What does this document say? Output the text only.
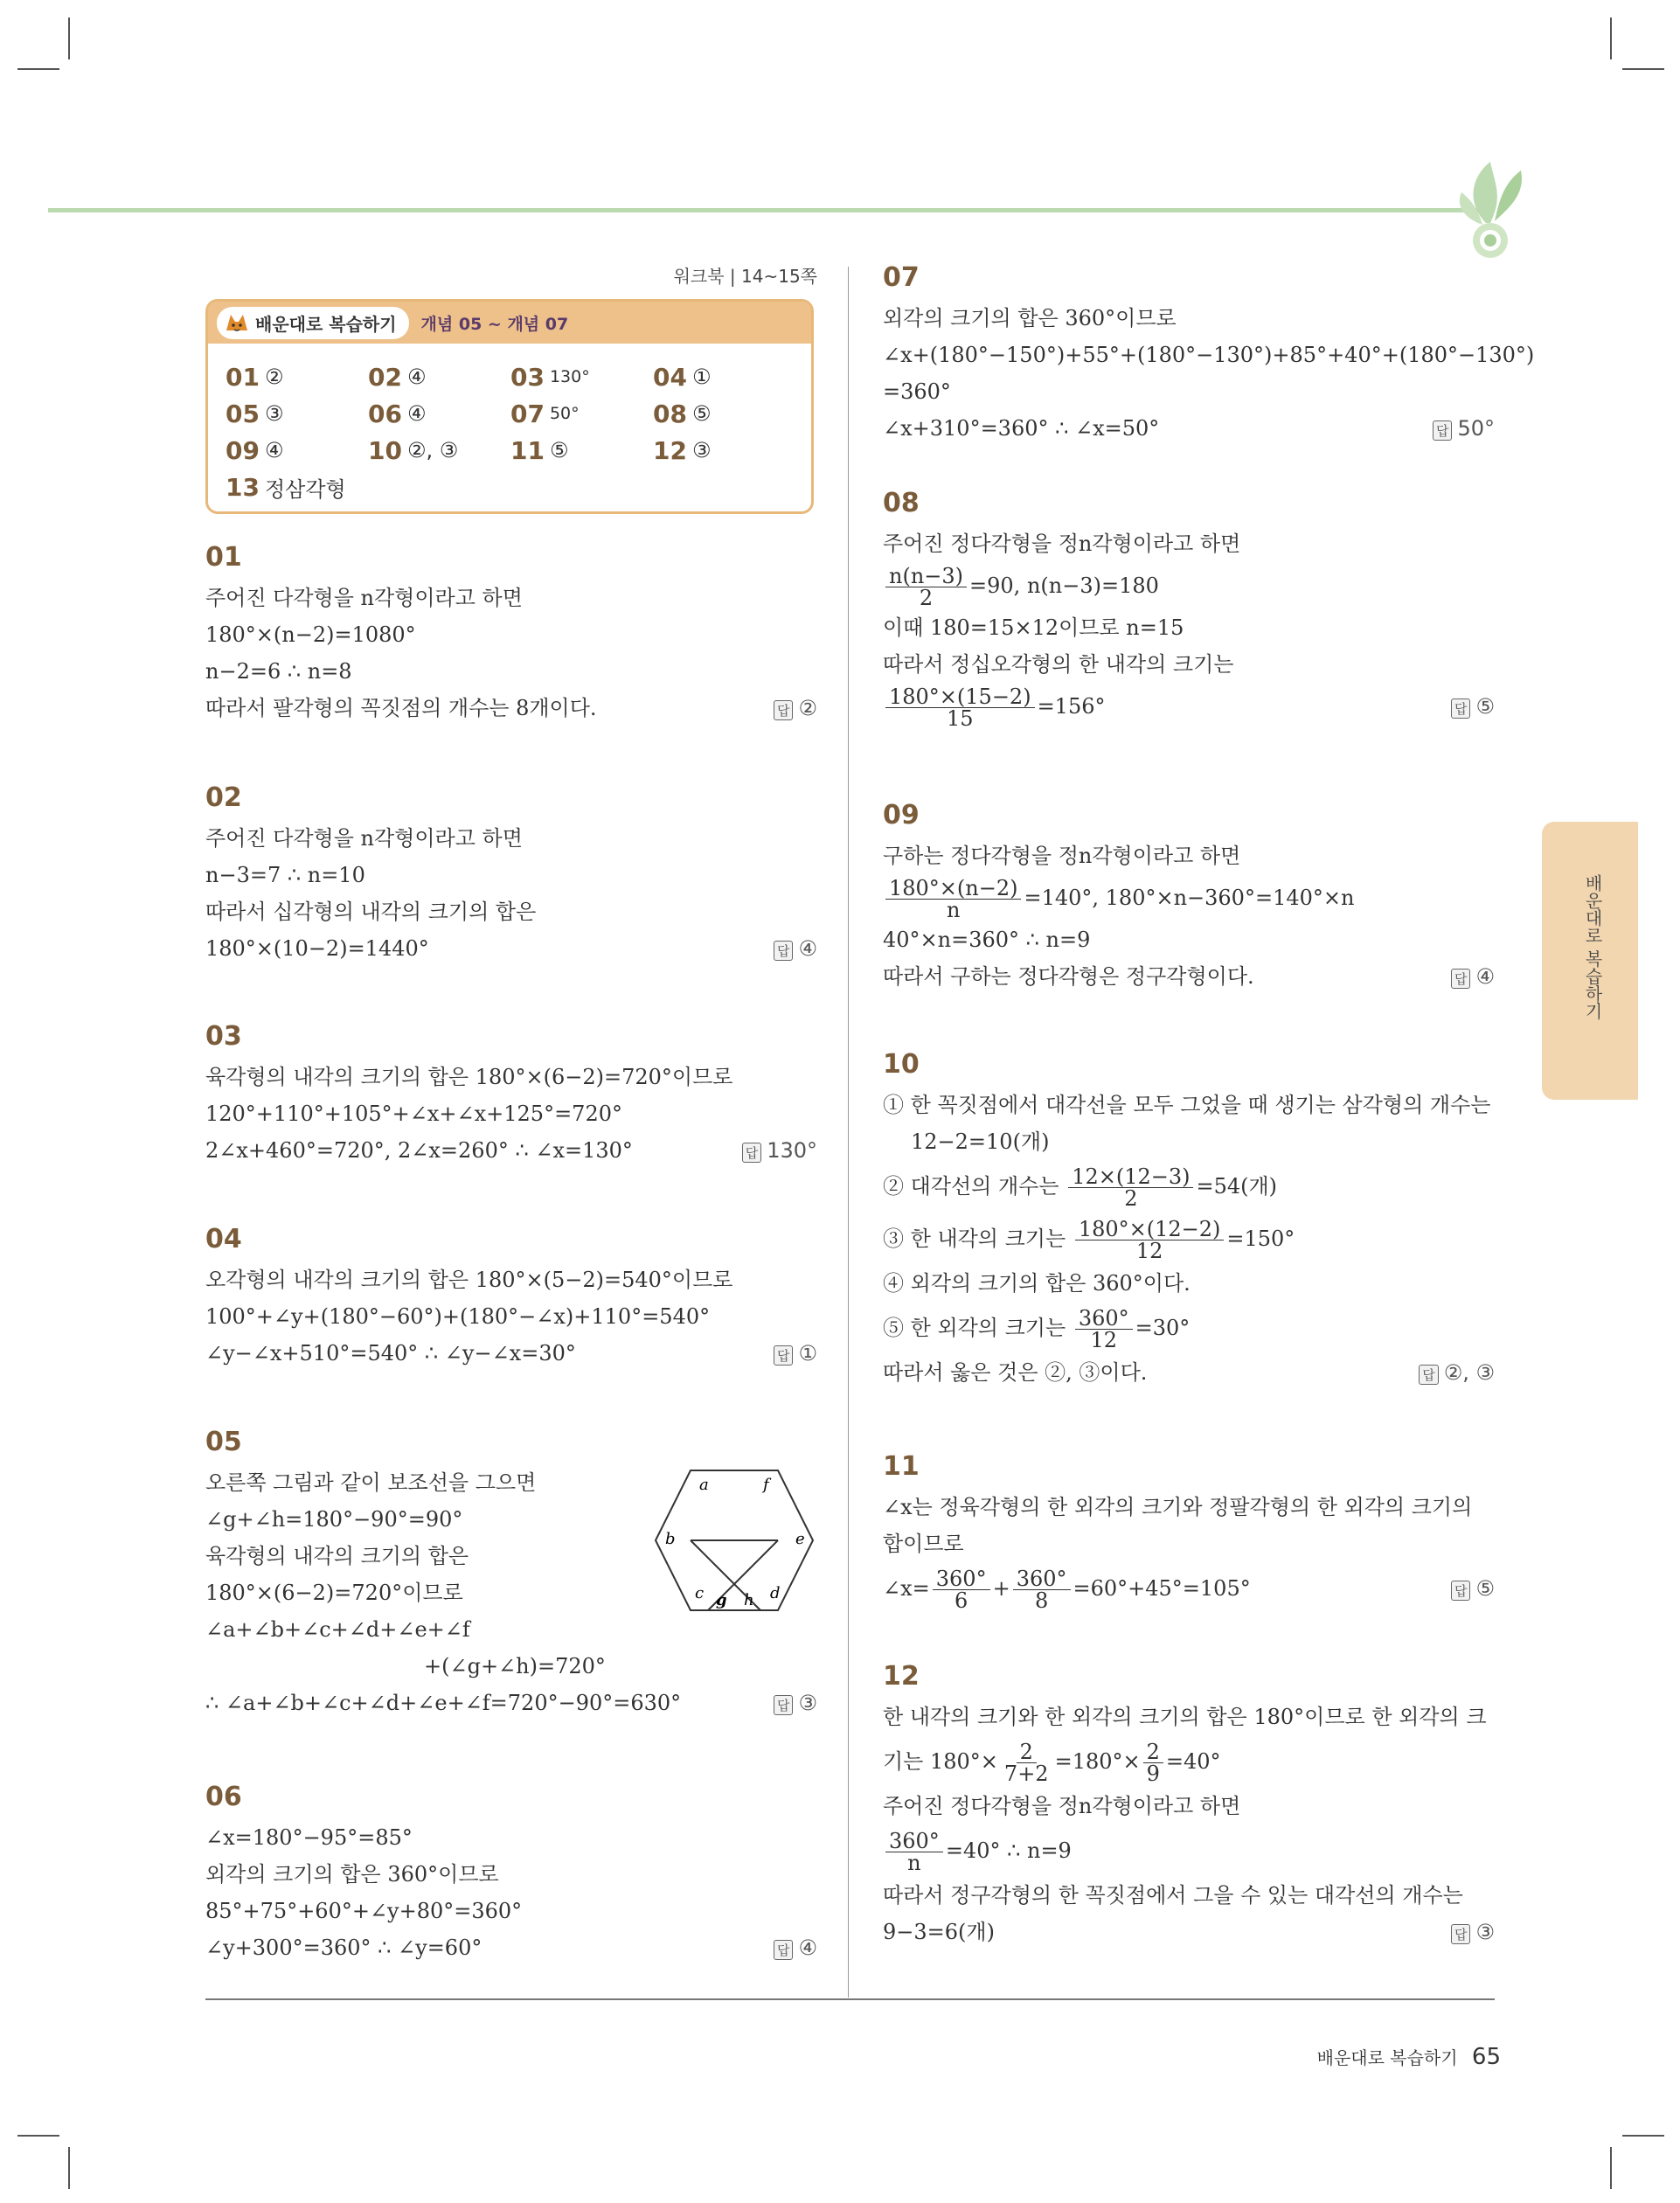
워크북 | 14~15쪽
배운대로 복습하기 개념 05 ~ 개념 07
01 ②	02 ④	03 130°	04 ①
05 ③	06 ④	07 50°	08 ⑤
09 ④	10 ②, ③ 11 ⑤	12 ③
13 정삼각형
01
주어진 다각형을 n각형이라고 하면
180°×(n−2)=1080°
n−2=6 ∴ n=8
따라서 팔각형의 꼭짓점의 개수는 8개이다.	답 ②
02
주어진 다각형을 n각형이라고 하면
n−3=7 ∴ n=10
따라서 십각형의 내각의 크기의 합은
180°×(10−2)=1440°	답 ④
03
육각형의 내각의 크기의 합은 180°×(6−2)=720°이므로
120°+110°+105°+∠x+∠x+125°=720°
2∠x+460°=720°, 2∠x=260° ∴ ∠x=130°	답 130°
04
오각형의 내각의 크기의 합은 180°×(5−2)=540°이므로
100°+∠y+(180°−60°)+(180°−∠x)+110°=540°
∠y−∠x+510°=540° ∴ ∠y−∠x=30°	답 ①
05
오른쪽 그림과 같이 보조선을 그으면
∠g+∠h=180°−90°=90°
육각형의 내각의 크기의 합은
180°×(6−2)=720°이므로
∠a+∠b+∠c+∠d+∠e+∠f
+(∠g+∠h)=720°
∴ ∠a+∠b+∠c+∠d+∠e+∠f=720°−90°=630°	답 ③
a	f
b	e
c g h d
06
∠x=180°−95°=85°
외각의 크기의 합은 360°이므로
85°+75°+60°+∠y+80°=360°
∠y+300°=360° ∴ ∠y=60°	답 ④
07
외각의 크기의 합은 360°이므로
∠x+(180°−150°)+55°+(180°−130°)+85°+40°+(180°−130°)
=360°
∠x+310°=360° ∴ ∠x=50°	답 50°
08
주어진 정다각형을 정n각형이라고 하면
$\frac{n(n-3)}{2} =90$, n(n−3)=180
이때 180=15×12이므로 n=15
따라서 정십오각형의 한 내각의 크기는
$\frac{180^\circ\times(15-2)}{15} =156^\circ$	답 ⑤
09
구하는 정다각형을 정n각형이라고 하면
$\frac{180^\circ\times(n-2)}{n} =140^\circ$, 180°×n−360°=140°×n
40°×n=360° ∴ n=9
따라서 구하는 정다각형은 정구각형이다.	답 ④
10
① 한 꼭짓점에서 대각선을 모두 그었을 때 생기는 삼각형의 개수는
12−2=10(개)
② 대각선의 개수는 $\frac{12\times(12-3)}{2} =54$(개)
③ 한 내각의 크기는 $\frac{180^\circ\times(12-2)}{12} =150^\circ$
④ 외각의 크기의 합은 360°이다.
⑤ 한 외각의 크기는 $\frac{360^\circ}{12} =30^\circ$
따라서 옳은 것은 ②, ③이다.	답 ②, ③
11
∠x는 정육각형의 한 외각의 크기와 정팔각형의 한 외각의 크기의
합이므로
∠x= $\frac{360^\circ}{6} + \frac{360^\circ}{8} =60^\circ+45^\circ=105^\circ$	답 ⑤
12
한 내각의 크기와 한 외각의 크기의 합은 180°이므로 한 외각의 크
기는 $180^\circ\times \frac{2}{7+2} =180^\circ\times \frac{2}{9} =40^\circ$
주어진 정다각형을 정n각형이라고 하면
$\frac{360^\circ}{n} =40^\circ$ ∴ n=9
따라서 정구각형의 한 꼭짓점에서 그을 수 있는 대각선의 개수는
9−3=6(개)	답 ③
배운대로 복습하기
배운대로 복습하기 65
